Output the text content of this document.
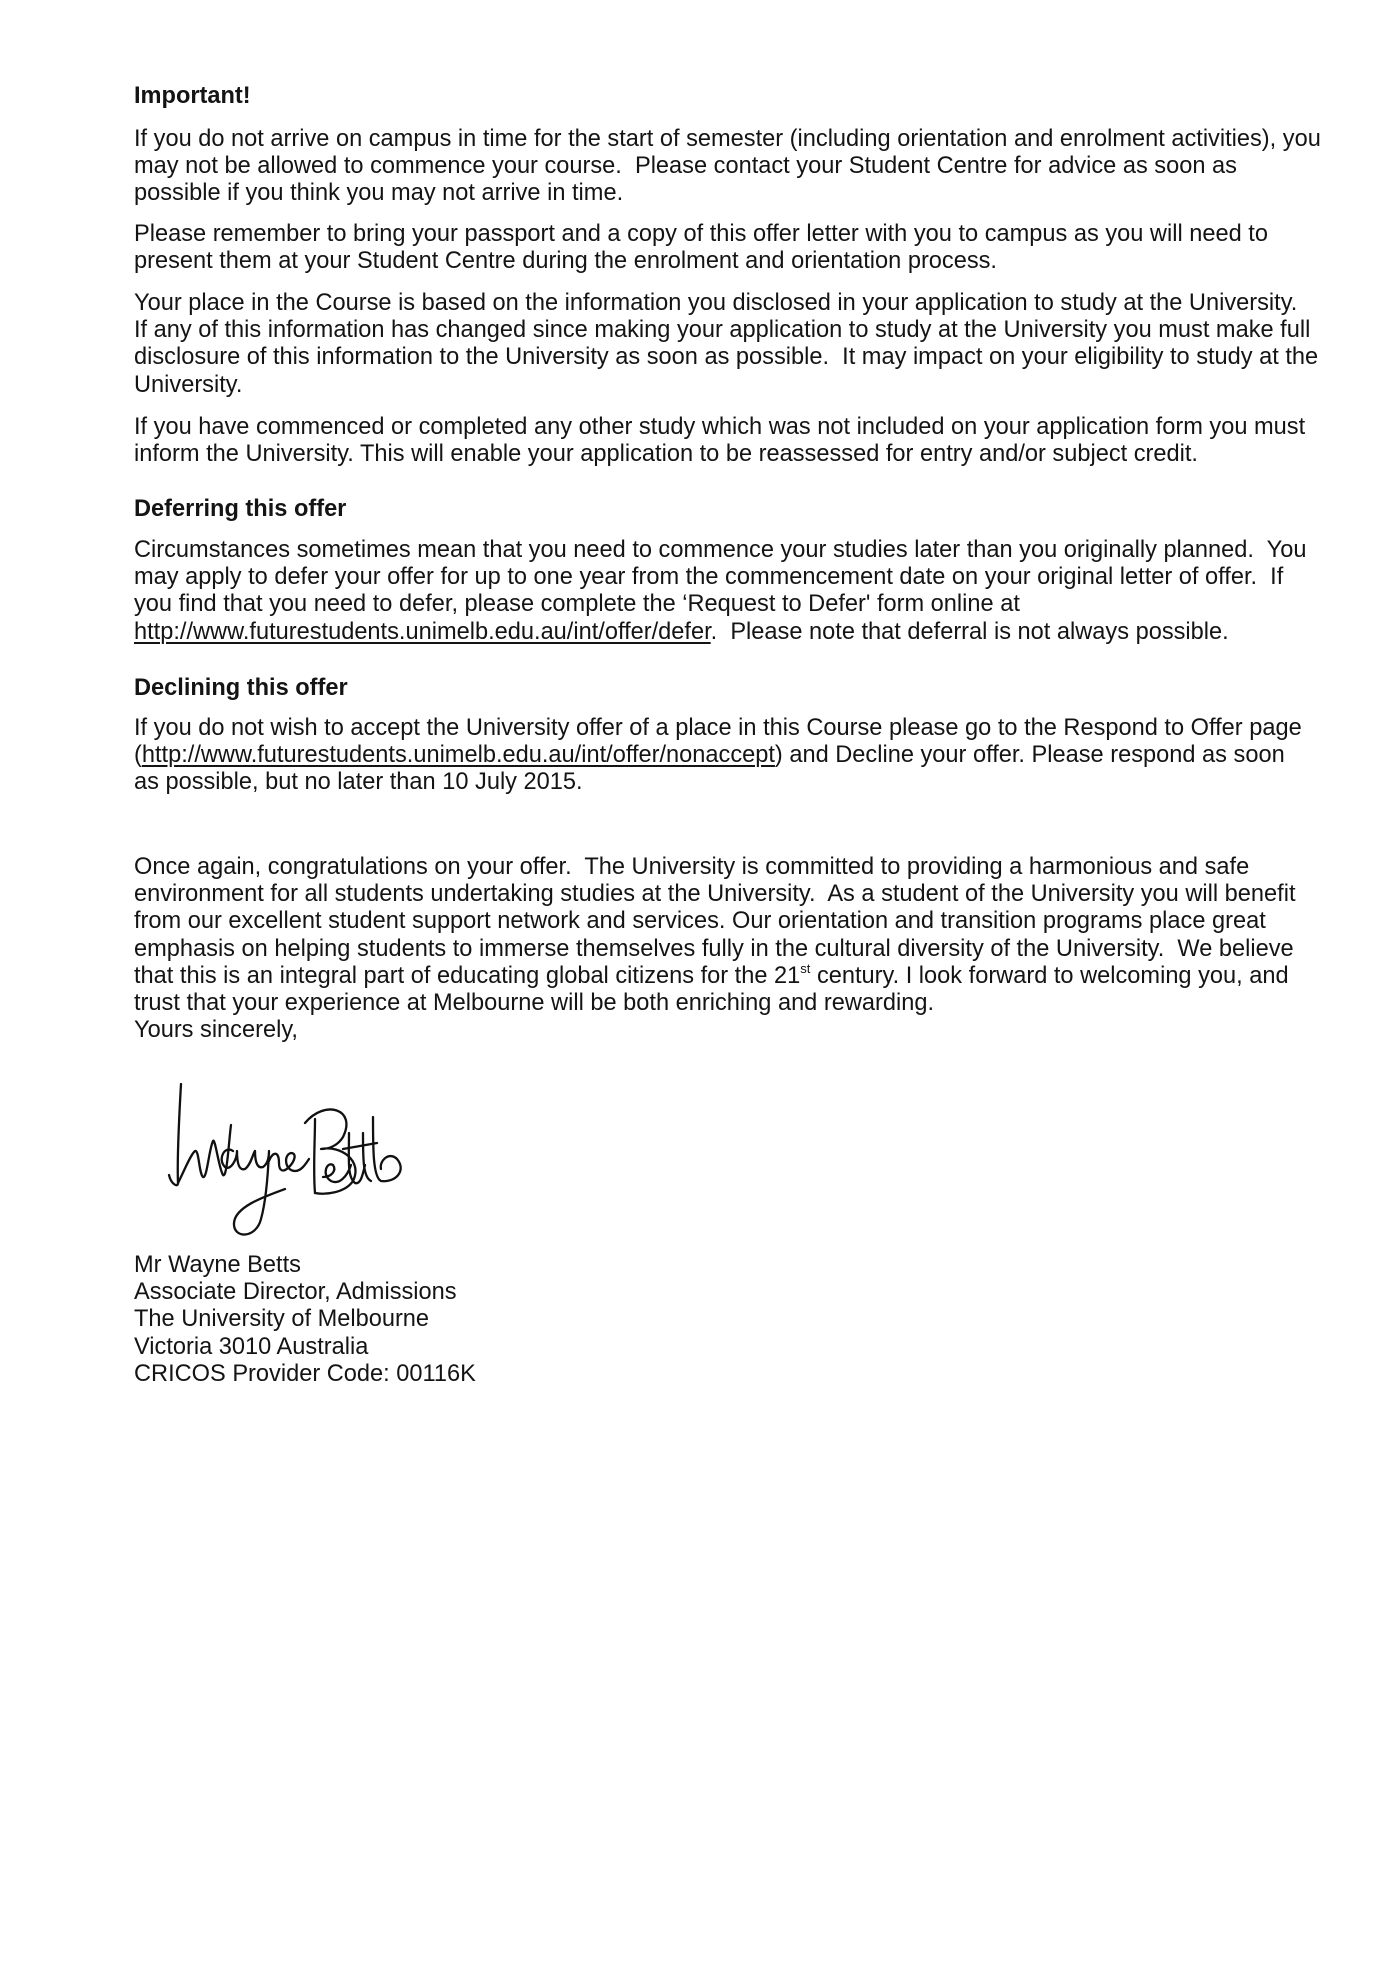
Important!
If you do not arrive on campus in time for the start of semester (including orientation and enrolment activities), you
may not be allowed to commence your course.  Please contact your Student Centre for advice as soon as
possible if you think you may not arrive in time.
Please remember to bring your passport and a copy of this offer letter with you to campus as you will need to
present them at your Student Centre during the enrolment and orientation process.
Your place in the Course is based on the information you disclosed in your application to study at the University.
If any of this information has changed since making your application to study at the University you must make full
disclosure of this information to the University as soon as possible.  It may impact on your eligibility to study at the
University.
If you have commenced or completed any other study which was not included on your application form you must
inform the University. This will enable your application to be reassessed for entry and/or subject credit.
Deferring this offer
Circumstances sometimes mean that you need to commence your studies later than you originally planned.  You
may apply to defer your offer for up to one year from the commencement date on your original letter of offer.  If
you find that you need to defer, please complete the ‘Request to Defer' form online at
http://www.futurestudents.unimelb.edu.au/int/offer/defer.  Please note that deferral is not always possible.
Declining this offer
If you do not wish to accept the University offer of a place in this Course please go to the Respond to Offer page
(http://www.futurestudents.unimelb.edu.au/int/offer/nonaccept) and Decline your offer. Please respond as soon
as possible, but no later than 10 July 2015.
Once again, congratulations on your offer.  The University is committed to providing a harmonious and safe
environment for all students undertaking studies at the University.  As a student of the University you will benefit
from our excellent student support network and services. Our orientation and transition programs place great
emphasis on helping students to immerse themselves fully in the cultural diversity of the University.  We believe
that this is an integral part of educating global citizens for the 21st century. I look forward to welcoming you, and
trust that your experience at Melbourne will be both enriching and rewarding.
Yours sincerely,
Mr Wayne Betts
Associate Director, Admissions
The University of Melbourne
Victoria 3010 Australia
CRICOS Provider Code: 00116K
